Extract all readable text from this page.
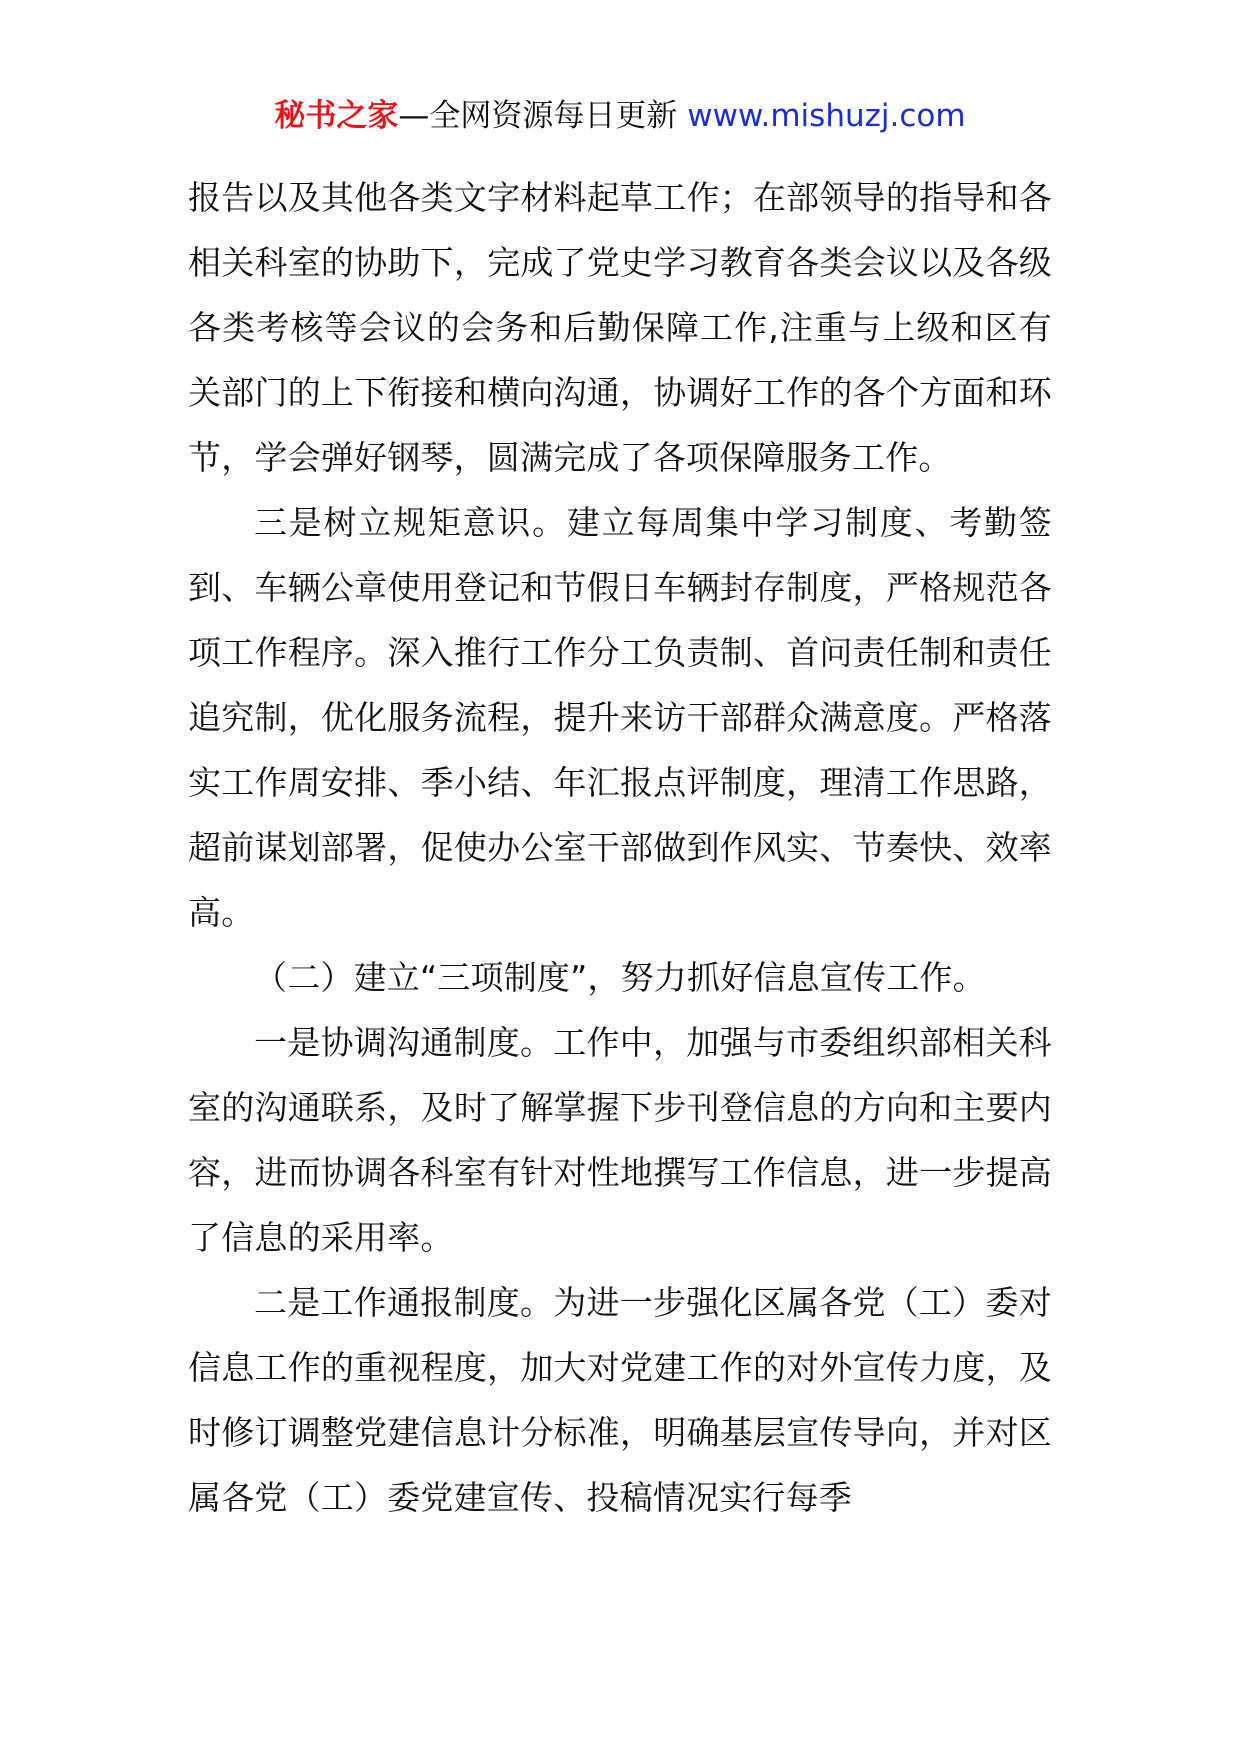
秘书之家—全网资源每日更新 www.mishuzj.com

报告以及其他各类文字材料起草工作；在部领导的指导和各相关科室的协助下，完成了党史学习教育各类会议以及各级各类考核等会议的会务和后勤保障工作,注重与上级和区有关部门的上下衔接和横向沟通，协调好工作的各个方面和环节，学会弹好钢琴，圆满完成了各项保障服务工作。

三是树立规矩意识。建立每周集中学习制度、考勤签到、车辆公章使用登记和节假日车辆封存制度，严格规范各项工作程序。深入推行工作分工负责制、首问责任制和责任追究制，优化服务流程，提升来访干部群众满意度。严格落实工作周安排、季小结、年汇报点评制度，理清工作思路，超前谋划部署，促使办公室干部做到作风实、节奏快、效率高。

（二）建立“三项制度”，努力抓好信息宣传工作。

一是协调沟通制度。工作中，加强与市委组织部相关科室的沟通联系，及时了解掌握下步刊登信息的方向和主要内容，进而协调各科室有针对性地撰写工作信息，进一步提高了信息的采用率。

二是工作通报制度。为进一步强化区属各党（工）委对信息工作的重视程度，加大对党建工作的对外宣传力度，及时修订调整党建信息计分标准，明确基层宣传导向，并对区属各党（工）委党建宣传、投稿情况实行每季
